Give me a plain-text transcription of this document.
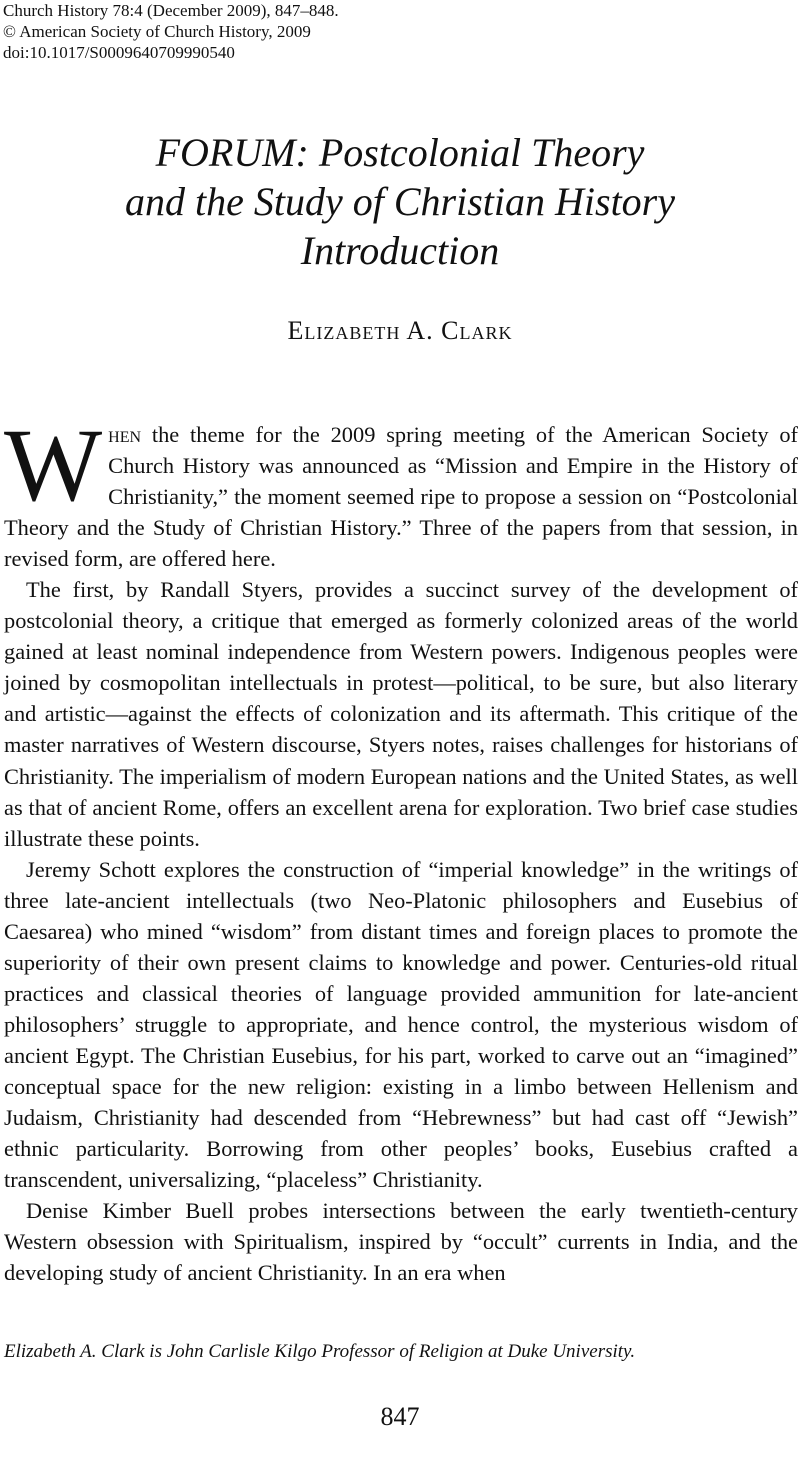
Church History 78:4 (December 2009), 847–848.
© American Society of Church History, 2009
doi:10.1017/S0009640709990540
FORUM: Postcolonial Theory
and the Study of Christian History
Introduction
Elizabeth A. Clark

When the theme for the 2009 spring meeting of the American Society of Church History was announced as “Mission and Empire in the History of Christianity,” the moment seemed ripe to propose a session on “Postcolonial Theory and the Study of Christian History.” Three of the papers from that session, in revised form, are offered here.

The first, by Randall Styers, provides a succinct survey of the development of postcolonial theory, a critique that emerged as formerly colonized areas of the world gained at least nominal independence from Western powers. Indigenous peoples were joined by cosmopolitan intellectuals in protest—political, to be sure, but also literary and artistic—against the effects of colonization and its aftermath. This critique of the master narratives of Western discourse, Styers notes, raises challenges for historians of Christianity. The imperialism of modern European nations and the United States, as well as that of ancient Rome, offers an excellent arena for exploration. Two brief case studies illustrate these points.

Jeremy Schott explores the construction of “imperial knowledge” in the writings of three late-ancient intellectuals (two Neo-Platonic philosophers and Eusebius of Caesarea) who mined “wisdom” from distant times and foreign places to promote the superiority of their own present claims to knowledge and power. Centuries-old ritual practices and classical theories of language provided ammunition for late-ancient philosophers’ struggle to appropriate, and hence control, the mysterious wisdom of ancient Egypt. The Christian Eusebius, for his part, worked to carve out an “imagined” conceptual space for the new religion: existing in a limbo between Hellenism and Judaism, Christianity had descended from “Hebrewness” but had cast off “Jewish” ethnic particularity. Borrowing from other peoples’ books, Eusebius crafted a transcendent, universalizing, “placeless” Christianity.

Denise Kimber Buell probes intersections between the early twentieth-century Western obsession with Spiritualism, inspired by “occult” currents in India, and the developing study of ancient Christianity. In an era when

Elizabeth A. Clark is John Carlisle Kilgo Professor of Religion at Duke University.

847
